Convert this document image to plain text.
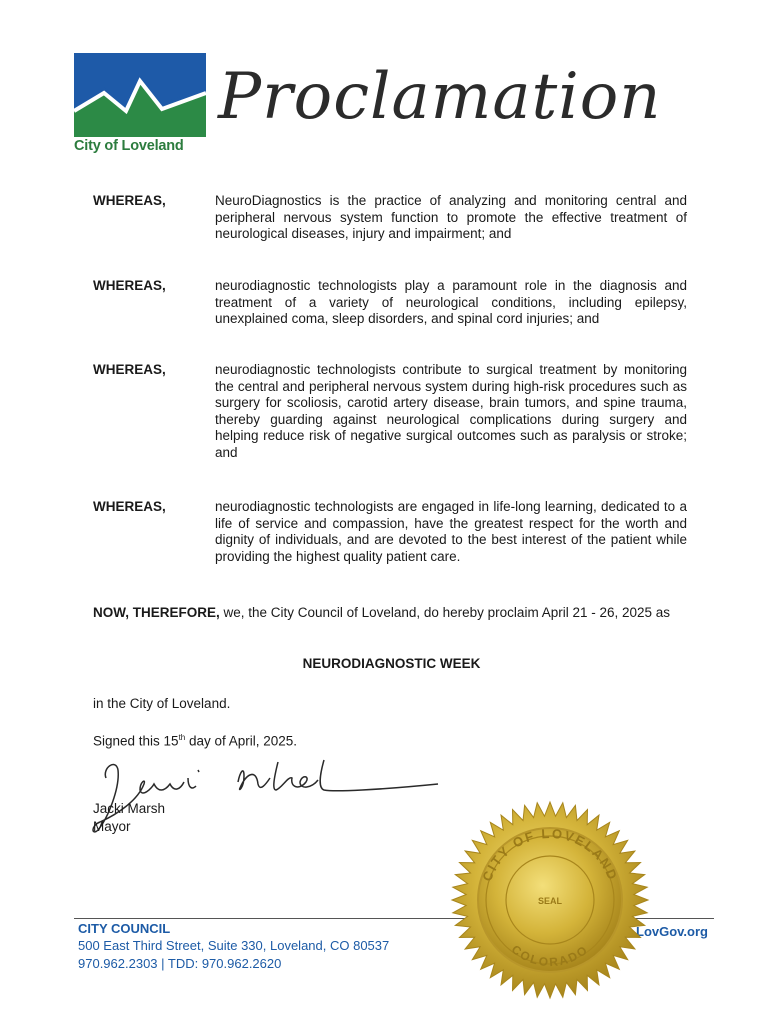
City of Loveland
Proclamation
WHEREAS,	NeuroDiagnostics is the practice of analyzing and monitoring central and peripheral nervous system function to promote the effective treatment of neurological diseases, injury and impairment; and
WHEREAS,	neurodiagnostic technologists play a paramount role in the diagnosis and treatment of a variety of neurological conditions, including epilepsy, unexplained coma, sleep disorders, and spinal cord injuries; and
WHEREAS,	neurodiagnostic technologists contribute to surgical treatment by monitoring the central and peripheral nervous system during high-risk procedures such as surgery for scoliosis, carotid artery disease, brain tumors, and spine trauma, thereby guarding against neurological complications during surgery and helping reduce risk of negative surgical outcomes such as paralysis or stroke; and
WHEREAS,	neurodiagnostic technologists are engaged in life-long learning, dedicated to a life of service and compassion, have the greatest respect for the worth and dignity of individuals, and are devoted to the best interest of the patient while providing the highest quality patient care.
NOW, THEREFORE, we, the City Council of Loveland, do hereby proclaim April 21 - 26, 2025 as
NEURODIAGNOSTIC WEEK
in the City of Loveland.
Signed this 15th day of April, 2025.
Jacki Marsh
Mayor
CITY COUNCIL
500 East Third Street, Suite 330, Loveland, CO 80537
970.962.2303 | TDD: 970.962.2620
LovGov.org
CITY OF LOVELAND
SEAL
COLORADO
